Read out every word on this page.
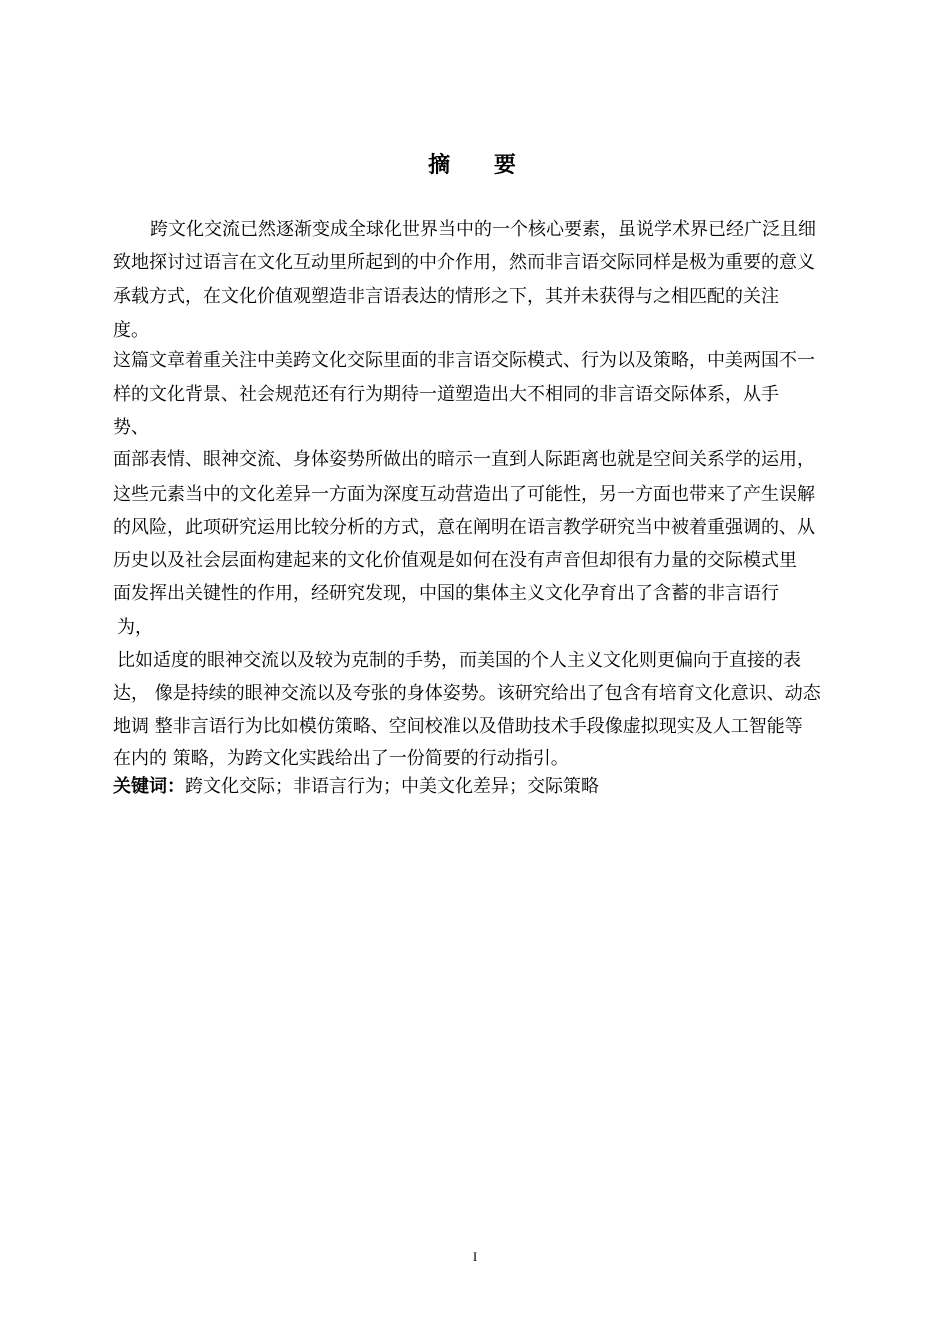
摘 要
跨文化交流已然逐渐变成全球化世界当中的一个核心要素，虽说学术界已经广泛且细
致地探讨过语言在文化互动里所起到的中介作用，然而非言语交际同样是极为重要的意义
承载方式，在文化价值观塑造非言语表达的情形之下，其并未获得与之相匹配的关注
度。
这篇文章着重关注中美跨文化交际里面的非言语交际模式、行为以及策略，中美两国不一
样的文化背景、社会规范还有行为期待一道塑造出大不相同的非言语交际体系，从手
势、
面部表情、眼神交流、身体姿势所做出的暗示一直到人际距离也就是空间关系学的运用，
这些元素当中的文化差异一方面为深度互动营造出了可能性，另一方面也带来了产生误解
的风险，此项研究运用比较分析的方式，意在阐明在语言教学研究当中被着重强调的、从
历史以及社会层面构建起来的文化价值观是如何在没有声音但却很有力量的交际模式里
面发挥出关键性的作用，经研究发现，中国的集体主义文化孕育出了含蓄的非言语行
为，
比如适度的眼神交流以及较为克制的手势，而美国的个人主义文化则更偏向于直接的表
达， 像是持续的眼神交流以及夸张的身体姿势。该研究给出了包含有培育文化意识、动态
地调 整非言语行为比如模仿策略、空间校准以及借助技术手段像虚拟现实及人工智能等
在内的 策略，为跨文化实践给出了一份简要的行动指引。
关键词：跨文化交际；非语言行为；中美文化差异；交际策略
I
